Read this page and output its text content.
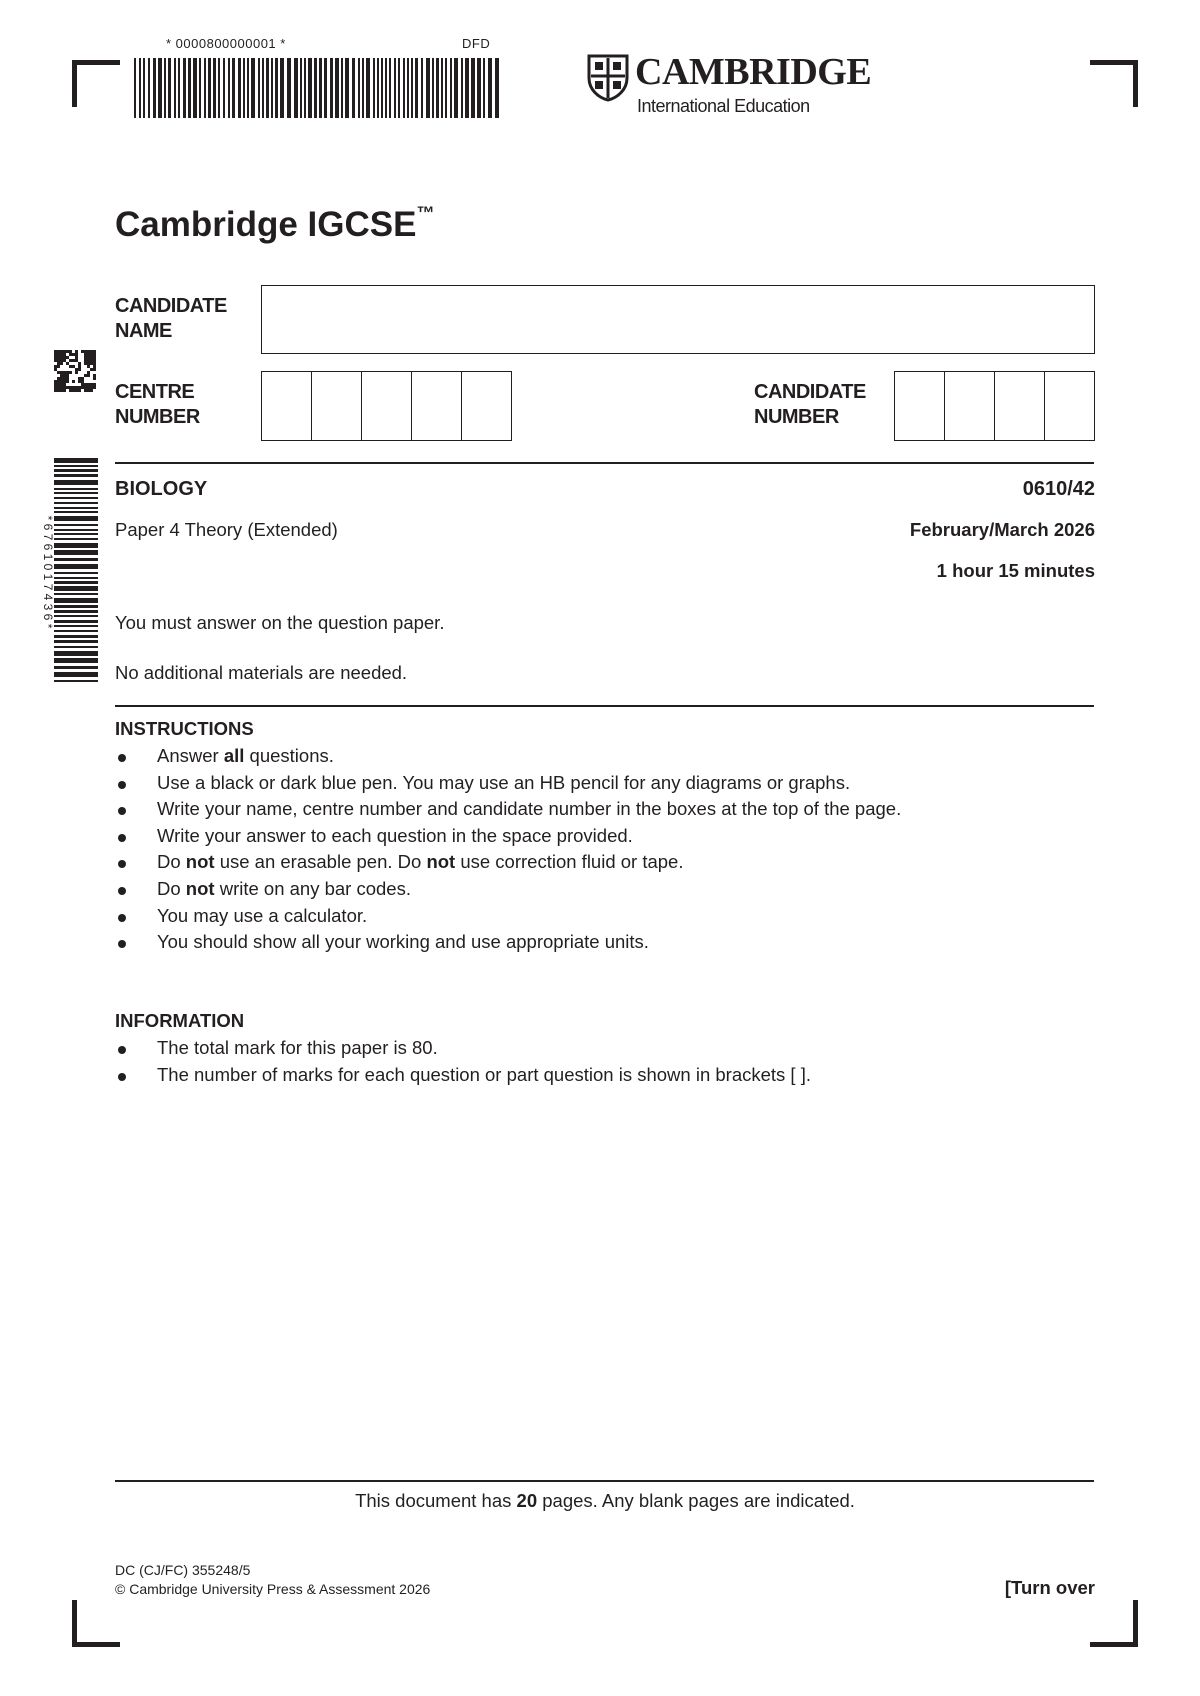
* 0000800000001 *	DFD
CAMBRIDGE
International Education
Cambridge IGCSE™
CANDIDATE
NAME
CENTRE
NUMBER
CANDIDATE
NUMBER
* 6 7 6 1 0 1 7 4 3 6 *
BIOLOGY	0610/42
Paper 4 Theory (Extended)	February/March 2026
1 hour 15 minutes
You must answer on the question paper.
No additional materials are needed.
INSTRUCTIONS
Answer all questions.
Use a black or dark blue pen. You may use an HB pencil for any diagrams or graphs.
Write your name, centre number and candidate number in the boxes at the top of the page.
Write your answer to each question in the space provided.
Do not use an erasable pen. Do not use correction fluid or tape.
Do not write on any bar codes.
You may use a calculator.
You should show all your working and use appropriate units.
INFORMATION
The total mark for this paper is 80.
The number of marks for each question or part question is shown in brackets [ ].
This document has 20 pages. Any blank pages are indicated.
DC (CJ/FC) 355248/5
© Cambridge University Press & Assessment 2026	[Turn over
